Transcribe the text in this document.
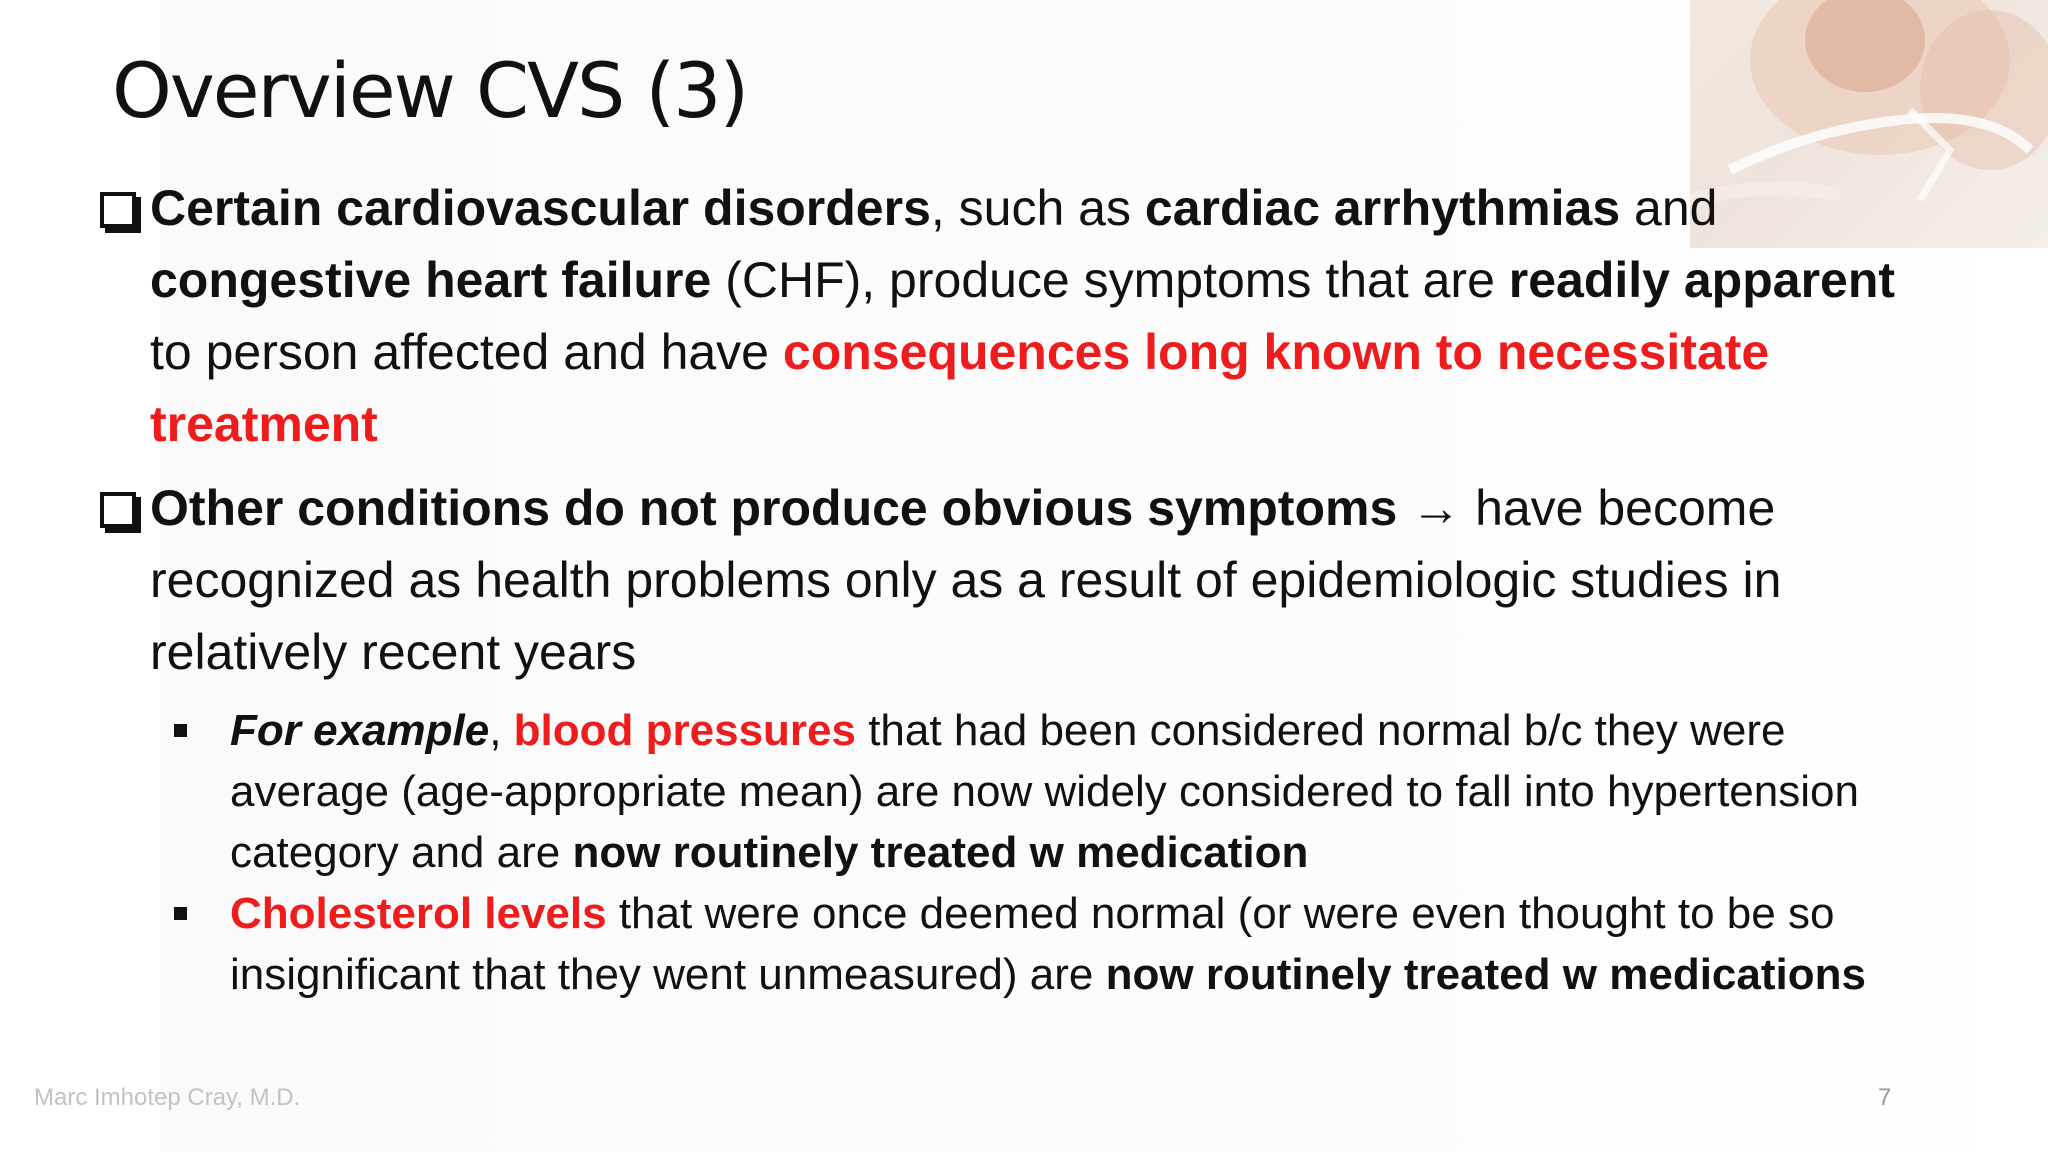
Overview CVS (3)
Certain cardiovascular disorders, such as cardiac arrhythmias and congestive heart failure (CHF), produce symptoms that are readily apparent to person affected and have consequences long known to necessitate treatment
Other conditions do not produce obvious symptoms → have become recognized as health problems only as a result of epidemiologic studies in relatively recent years
For example, blood pressures that had been considered normal b/c they were average (age-appropriate mean) are now widely considered to fall into hypertension category and are now routinely treated w medication
Cholesterol levels that were once deemed normal (or were even thought to be so insignificant that they went unmeasured) are now routinely treated w medications
Marc Imhotep Cray, M.D.	7
